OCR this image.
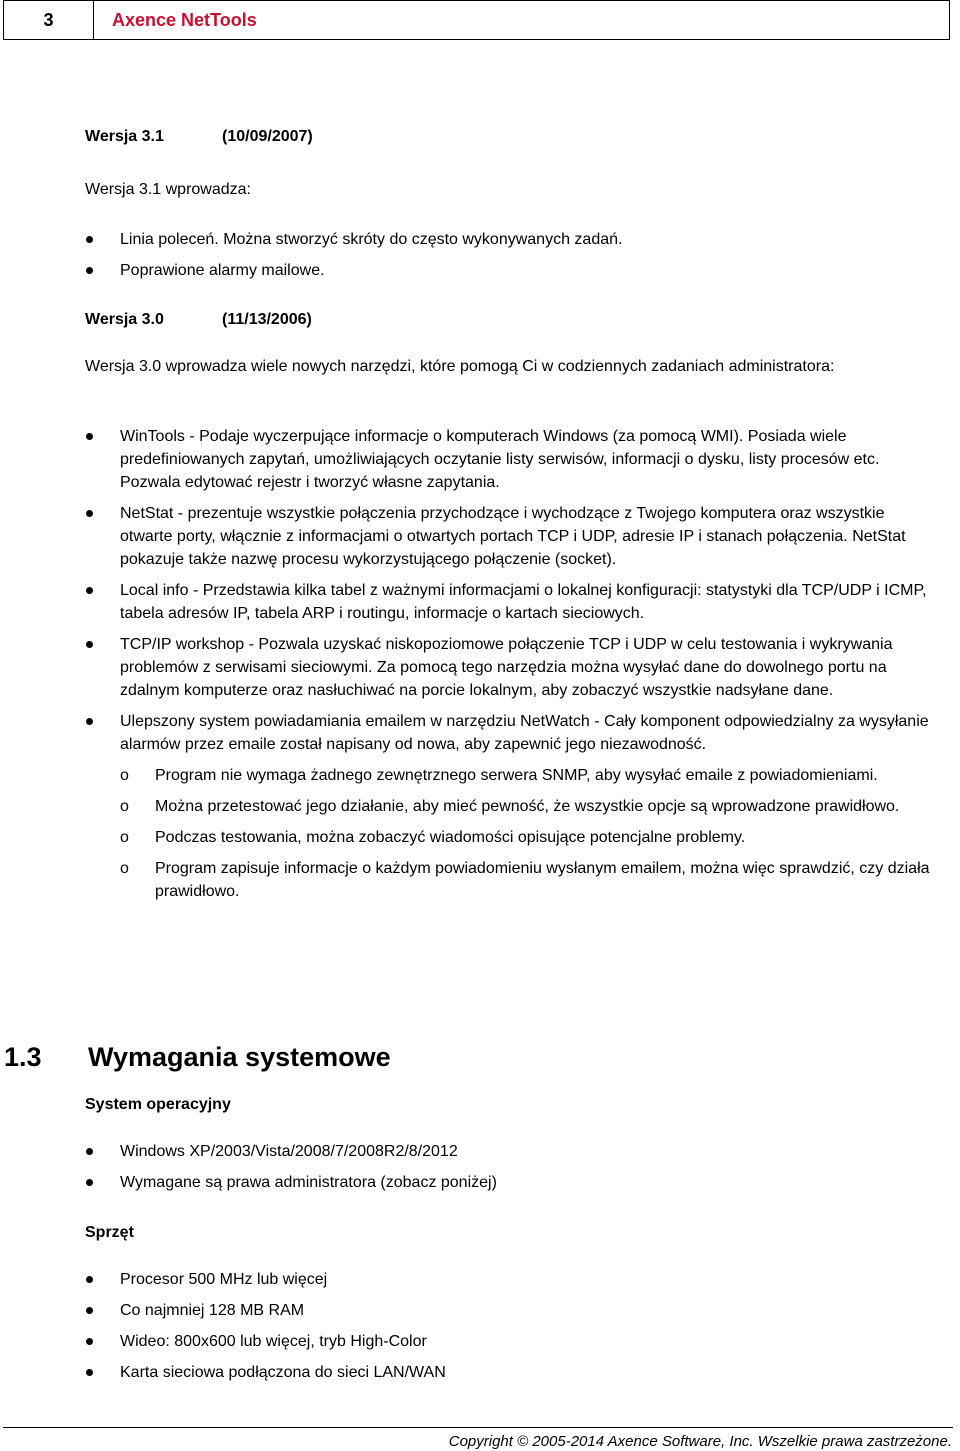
3	Axence NetTools
Wersja 3.1	(10/09/2007)
Wersja 3.1 wprowadza:
Linia poleceń. Można stworzyć skróty do często wykonywanych zadań.
Poprawione alarmy mailowe.
Wersja 3.0	(11/13/2006)
Wersja 3.0 wprowadza wiele nowych narzędzi, które pomogą Ci w codziennych zadaniach administratora:
WinTools - Podaje wyczerpujące informacje o komputerach Windows (za pomocą WMI). Posiada wiele predefiniowanych zapytań, umożliwiających oczytanie listy serwisów, informacji o dysku, listy procesów etc. Pozwala edytować rejestr i tworzyć własne zapytania.
NetStat - prezentuje wszystkie połączenia przychodzące i wychodzące z Twojego komputera oraz wszystkie otwarte porty, włącznie z informacjami o otwartych portach TCP i UDP, adresie IP i stanach połączenia. NetStat pokazuje także nazwę procesu wykorzystującego połączenie (socket).
Local info - Przedstawia kilka tabel z ważnymi informacjami o lokalnej konfiguracji: statystyki dla TCP/UDP i ICMP, tabela adresów IP, tabela ARP i routingu, informacje o kartach sieciowych.
TCP/IP workshop - Pozwala uzyskać niskopoziomowe połączenie TCP i UDP w celu testowania i wykrywania problemów z serwisami sieciowymi. Za pomocą tego narzędzia można wysyłać dane do dowolnego portu na zdalnym komputerze oraz nasłuchiwać na porcie lokalnym, aby zobaczyć wszystkie nadsyłane dane.
Ulepszony system powiadamiania emailem w narzędziu NetWatch - Cały komponent odpowiedzialny za wysyłanie alarmów przez emaile został napisany od nowa, aby zapewnić jego niezawodność.
o Program nie wymaga żadnego zewnętrznego serwera SNMP, aby wysyłać emaile z powiadomieniami.
o Można przetestować jego działanie, aby mieć pewność, że wszystkie opcje są wprowadzone prawidłowo.
o Podczas testowania, można zobaczyć wiadomości opisujące potencjalne problemy.
o Program zapisuje informacje o każdym powiadomieniu wysłanym emailem, można więc sprawdzić, czy działa prawidłowo.
1.3	Wymagania systemowe
System operacyjny
Windows XP/2003/Vista/2008/7/2008R2/8/2012
Wymagane są prawa administratora (zobacz poniżej)
Sprzęt
Procesor 500 MHz lub więcej
Co najmniej 128 MB RAM
Wideo: 800x600 lub więcej, tryb High-Color
Karta sieciowa podłączona do sieci LAN/WAN
Copyright © 2005-2014 Axence Software, Inc. Wszelkie prawa zastrzeżone.
